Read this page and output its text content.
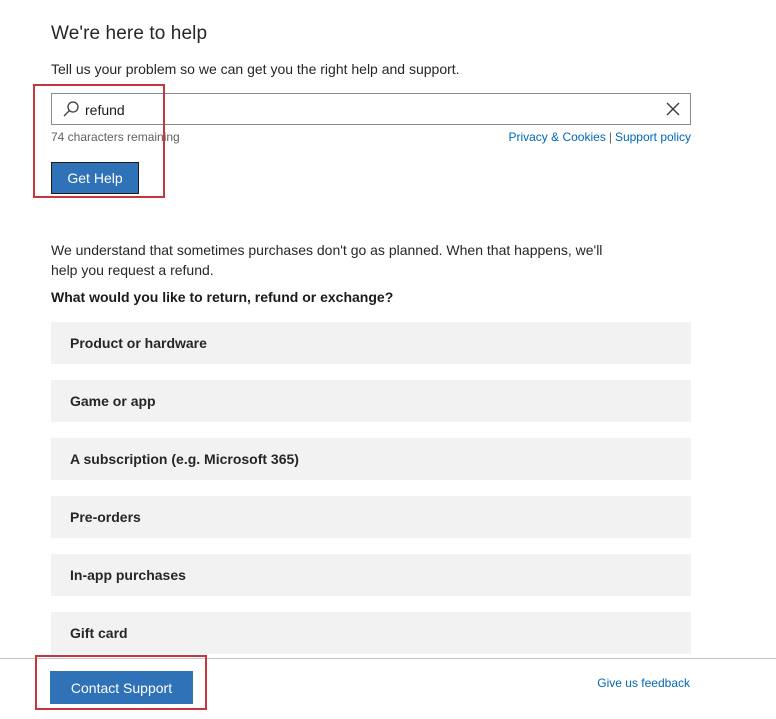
We're here to help
Tell us your problem so we can get you the right help and support.
refund
74 characters remaining	Privacy & Cookies | Support policy
Get Help
We understand that sometimes purchases don't go as planned. When that happens, we'll help you request a refund.
What would you like to return, refund or exchange?
Product or hardware
Game or app
A subscription (e.g. Microsoft 365)
Pre-orders
In-app purchases
Gift card
Contact Support	Give us feedback
